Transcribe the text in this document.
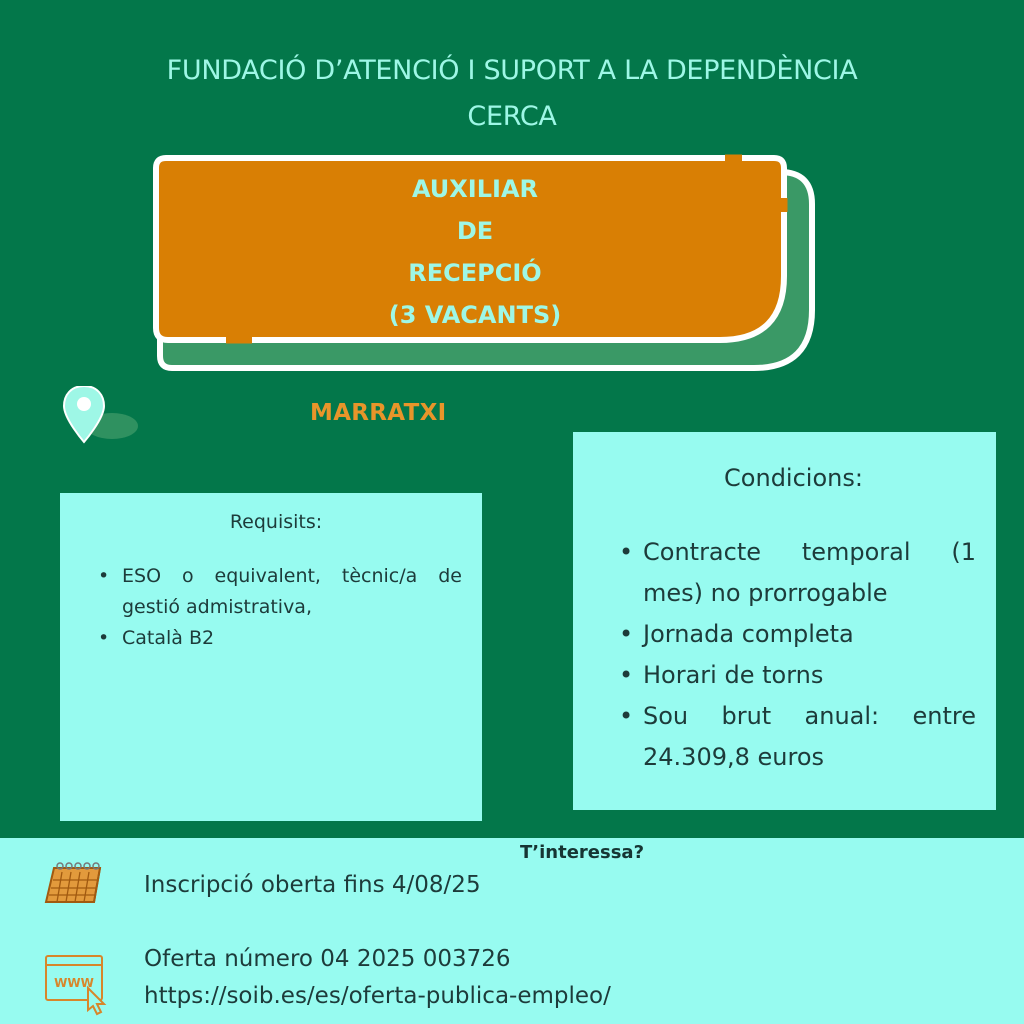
FUNDACIÓ D’ATENCIÓ I SUPORT A LA DEPENDÈNCIA
CERCA
AUXILIAR
DE
RECEPCIÓ
(3 VACANTS)
MARRATXI
Requisits:
• ESO o equivalent, tècnic/a de gestió admistrativa,
• Català B2
Condicions:
• Contracte temporal (1 mes) no prorrogable
• Jornada completa
• Horari de torns
• Sou brut anual: entre 24.309,8 euros
T’interessa?
Inscripció oberta fins 4/08/25
WWW
Oferta número 04 2025 003726
https://soib.es/es/oferta-publica-empleo/
